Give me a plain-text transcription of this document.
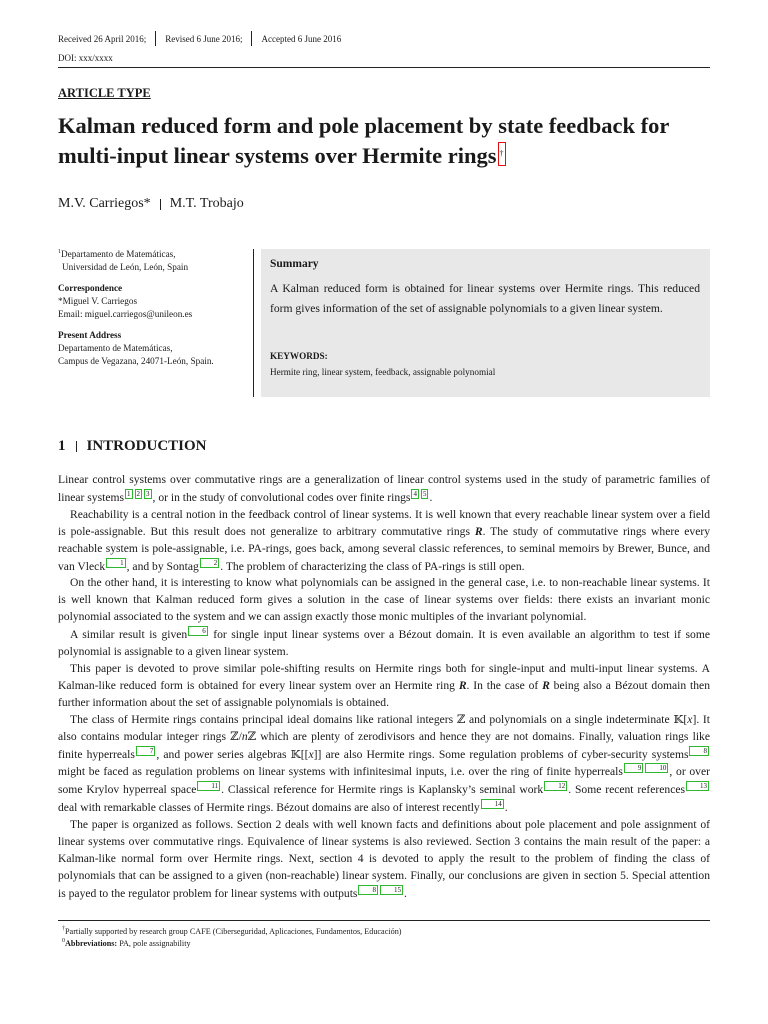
Received 26 April 2016; Revised 6 June 2016; Accepted 6 June 2016
DOI: xxx/xxxx
ARTICLE TYPE
Kalman reduced form and pole placement by state feedback for
multi-input linear systems over Hermite rings †
M.V. Carriegos* M.T. Trobajo
$^1$Departamento de Matemáticas,
Universidad de León, León, Spain
Correspondence
*Miguel V. Carriegos
Email: miguel.carriegos@unileon.es
Present Address
Departamento de Matemáticas,
Campus de Vegazana, 24071-León, Spain.
Summary
A Kalman reduced form is obtained for linear systems over Hermite rings. This reduced form gives information of the set of assignable polynomials to a given linear system.
KEYWORDS:
Hermite ring, linear system, feedback, assignable polynomial
1 INTRODUCTION

Linear control systems over commutative rings are a generalization of linear control systems used in the study of parametric families of linear systems 1 2 3 , or in the study of convolutional codes over finite rings 4 5 .

Reachability is a central notion in the feedback control of linear systems. It is well known that every reachable linear system over a field is pole-assignable. But this result does not generalize to arbitrary commutative rings R. The study of commutative rings where every reachable system is pole-assignable, i.e. PA-rings, goes back, among several classic references, to seminal memoirs by Brewer, Bunce, and van Vleck 1 , and by Sontag 2 . The problem of characterizing the class of PA-rings is still open.

On the other hand, it is interesting to know what polynomials can be assigned in the general case, i.e. to non-reachable linear systems. It is well known that Kalman reduced form gives a solution in the case of linear systems over fields: there exists an invariant monic polynomial associated to the system and we can assign exactly those monic multiples of the invariant polynomial.

A similar result is given 6 for single input linear systems over a Bézout domain. It is even available an algorithm to test if some polynomial is assignable to a given linear system.

This paper is devoted to prove similar pole-shifting results on Hermite rings both for single-input and multi-input linear systems. A Kalman-like reduced form is obtained for every linear system over an Hermite ring R. In the case of R being also a Bézout domain then further information about the set of assignable polynomials is obtained.

The class of Hermite rings contains principal ideal domains like rational integers ℤ and polynomials on a single indeterminate 𝕂[x]. It also contains modular integer rings ℤ/nℤ which are plenty of zerodivisors and hence they are not domains. Finally, valuation rings like finite hyperreals 7 , and power series algebras 𝕂[[x]] are also Hermite rings. Some regulation problems of cyber-security systems 8 might be faced as regulation problems on linear systems with infinitesimal inputs, i.e. over the ring of finite hyperreals 9	10 , or over some Krylov hyperreal space 11 . Classical reference for Hermite rings is Kaplansky’s seminal work 12 . Some recent references 13 deal with remarkable classes of Hermite rings. Bézout domains are also of interest recently 14 .

The paper is organized as follows. Section 2 deals with well known facts and definitions about pole placement and pole assignment of linear systems over commutative rings. Equivalence of linear systems is also reviewed. Section 3 contains the main result of the paper: a Kalman-like normal form over Hermite rings. Next, section 4 is devoted to apply the result to the problem of finding the class of polynomials that can be assigned to a given (non-reachable) linear system. Finally, our conclusions are given in section 5. Special attention is payed to the regulator problem for linear systems with outputs 8	15 .

†Partially supported by research group CAFE (Ciberseguridad, Aplicaciones, Fundamentos, Educación)
$^0$Abbreviations: PA, pole assignability
